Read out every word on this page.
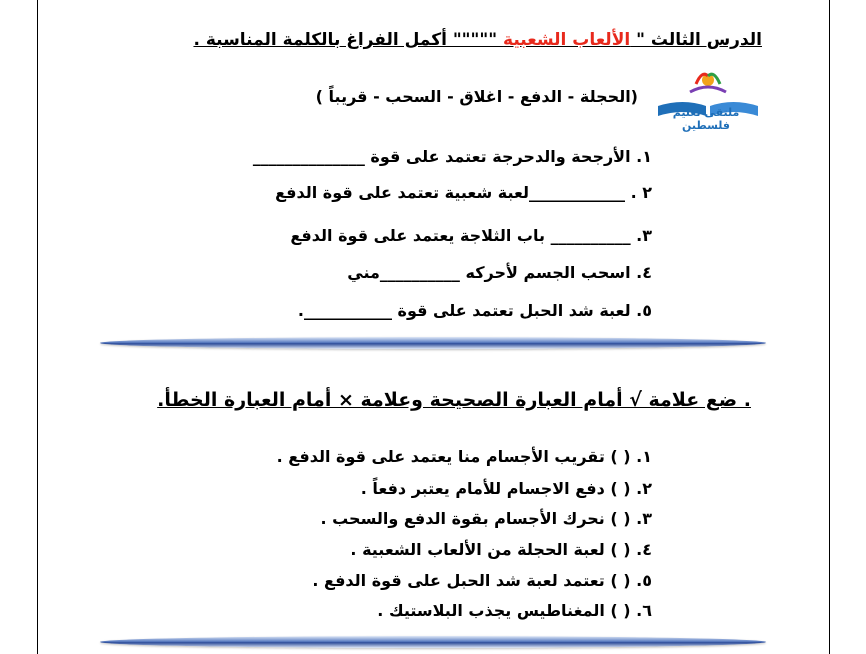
الدرس الثالث " الألعاب الشعبية """"" أكمل الفراغ بالكلمة المناسبة .
ملتقى تعليم فلسطين
(الحجلة - الدفع - اغلاق - السحب - قريباً )
١. الأرجحة والدحرجة تعتمد على قوة ______________
٢ . ____________لعبة شعبية تعتمد على قوة الدفع
٣. __________ باب الثلاجة يعتمد على قوة الدفع
٤. اسحب الجسم لأحركه __________مني
٥. لعبة شد الحبل تعتمد على قوة ___________.
. ضع علامة √ أمام العبارة الصحيحة وعلامة × أمام العبارة الخطأ.
١. ( ) تقريب الأجسام منا يعتمد على قوة الدفع .
٢. ( ) دفع الاجسام للأمام يعتبر دفعاً .
٣. ( ) نحرك الأجسام بقوة الدفع والسحب .
٤. ( ) لعبة الحجلة من الألعاب الشعبية .
٥. ( ) تعتمد لعبة شد الحبل على قوة الدفع .
٦. ( ) المغناطيس يجذب البلاستيك .
